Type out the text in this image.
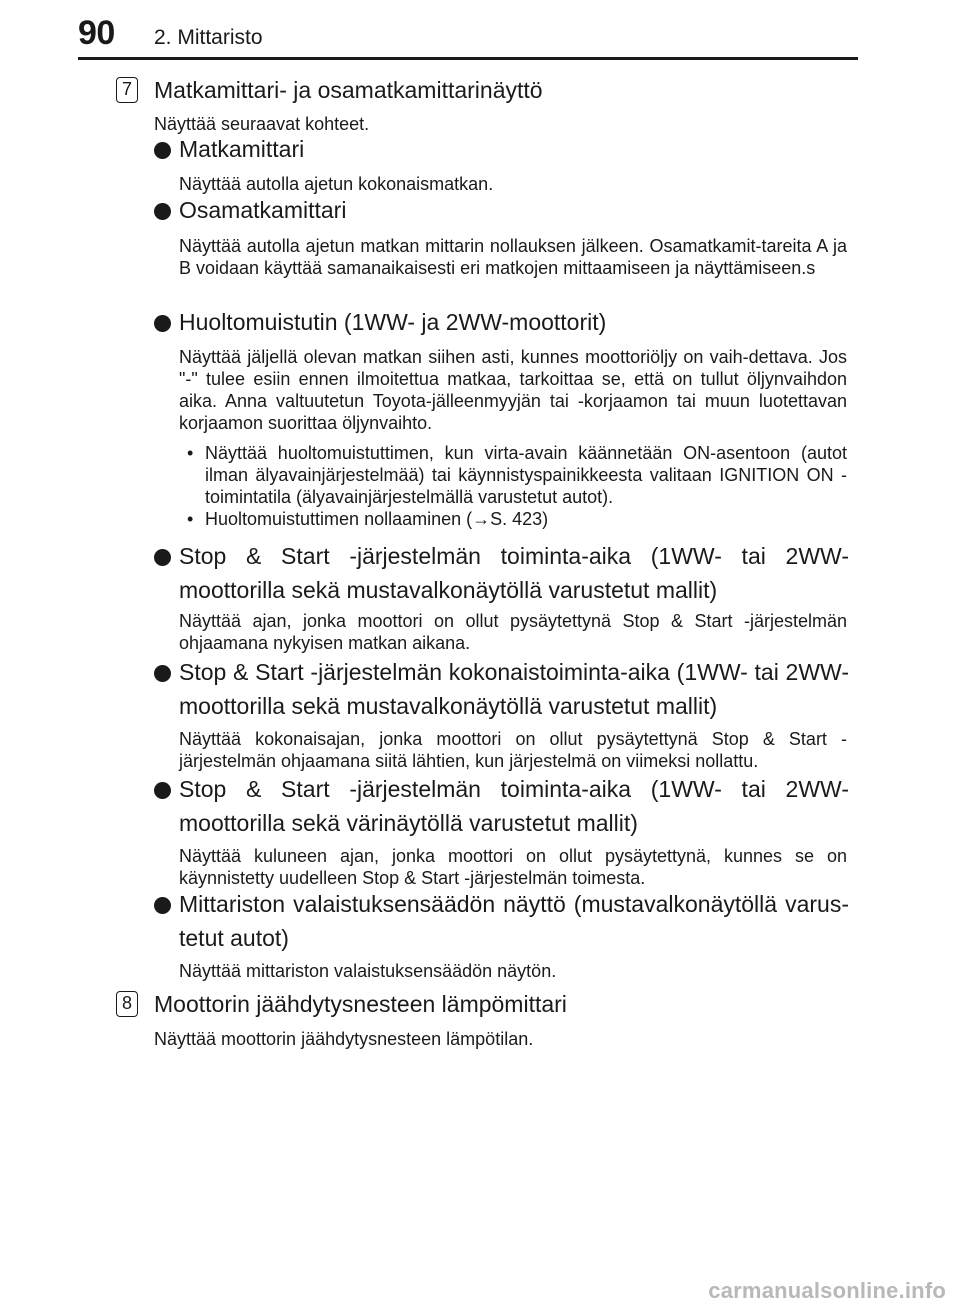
90 2. Mittaristo
7 Matkamittari- ja osamatkamittarinäyttö
Näyttää seuraavat kohteet.
Matkamittari
Näyttää autolla ajetun kokonaismatkan.
Osamatkamittari
Näyttää autolla ajetun matkan mittarin nollauksen jälkeen. Osamatkamit-tareita A ja B voidaan käyttää samanaikaisesti eri matkojen mittaamiseen ja näyttämiseen.s
Huoltomuistutin (1WW- ja 2WW-moottorit)
Näyttää jäljellä olevan matkan siihen asti, kunnes moottoriöljy on vaih-dettava. Jos "-" tulee esiin ennen ilmoitettua matkaa, tarkoittaa se, että on tullut öljynvaihdon aika. Anna valtuutetun Toyota-jälleenmyyjän tai -korjaamon tai muun luotettavan korjaamon suorittaa öljynvaihto.
• Näyttää huoltomuistuttimen, kun virta-avain käännetään ON-asentoon (autot ilman älyavainjärjestelmää) tai käynnistyspainikkeesta valitaan IGNITION ON -toimintatila (älyavainjärjestelmällä varustetut autot).
• Huoltomuistuttimen nollaaminen (→S. 423)
Stop & Start -järjestelmän toiminta-aika (1WW- tai 2WW-moottorilla sekä mustavalkonäytöllä varustetut mallit)
Näyttää ajan, jonka moottori on ollut pysäytettynä Stop & Start -järjestelmän ohjaamana nykyisen matkan aikana.
Stop & Start -järjestelmän kokonaistoiminta-aika (1WW- tai 2WW-moottorilla sekä mustavalkonäytöllä varustetut mallit)
Näyttää kokonaisajan, jonka moottori on ollut pysäytettynä Stop & Start -järjestelmän ohjaamana siitä lähtien, kun järjestelmä on viimeksi nollattu.
Stop & Start -järjestelmän toiminta-aika (1WW- tai 2WW-moottorilla sekä värinäytöllä varustetut mallit)
Näyttää kuluneen ajan, jonka moottori on ollut pysäytettynä, kunnes se on käynnistetty uudelleen Stop & Start -järjestelmän toimesta.
Mittariston valaistuksensäädön näyttö (mustavalkonäytöllä varus-tetut autot)
Näyttää mittariston valaistuksensäädön näytön.
8 Moottorin jäähdytysnesteen lämpömittari
Näyttää moottorin jäähdytysnesteen lämpötilan.
carmanualsonline.info
